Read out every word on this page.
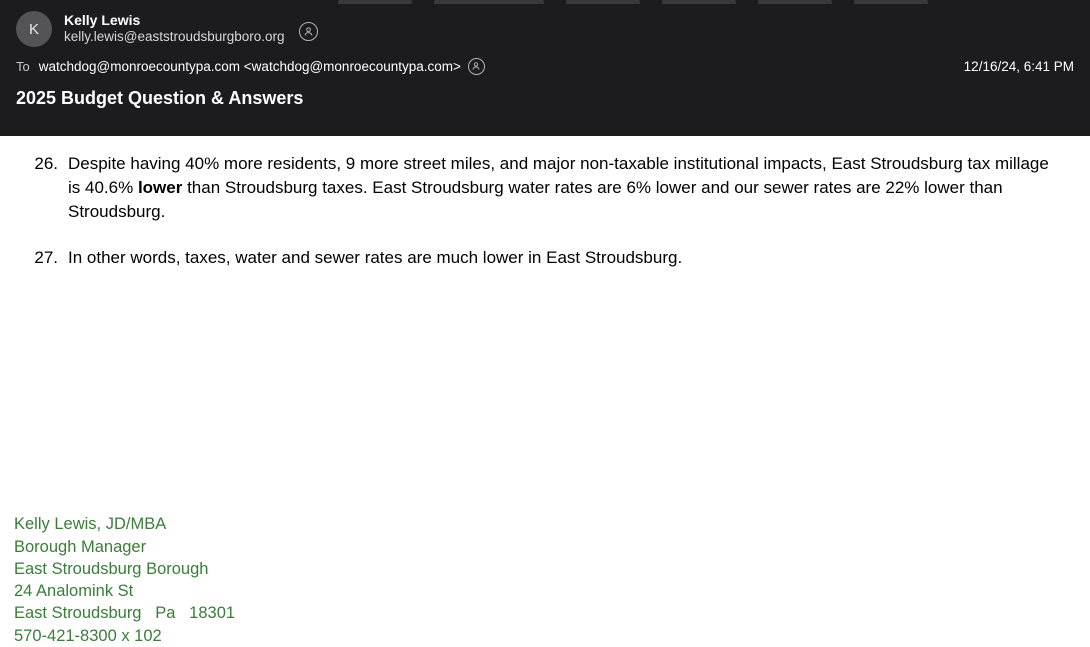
K
Kelly Lewis
kelly.lewis@eaststroudsburgboro.org
To watchdog@monroecountypa.com <watchdog@monroecountypa.com>	12/16/24, 6:41 PM
2025 Budget Question & Answers
26. Despite having 40% more residents, 9 more street miles, and major non-taxable institutional impacts, East Stroudsburg tax millage is 40.6% lower than Stroudsburg taxes. East Stroudsburg water rates are 6% lower and our sewer rates are 22% lower than Stroudsburg.
27. In other words, taxes, water and sewer rates are much lower in East Stroudsburg.
Kelly Lewis, JD/MBA
Borough Manager
East Stroudsburg Borough
24 Analomink St
East Stroudsburg   Pa   18301
570-421-8300 x 102
